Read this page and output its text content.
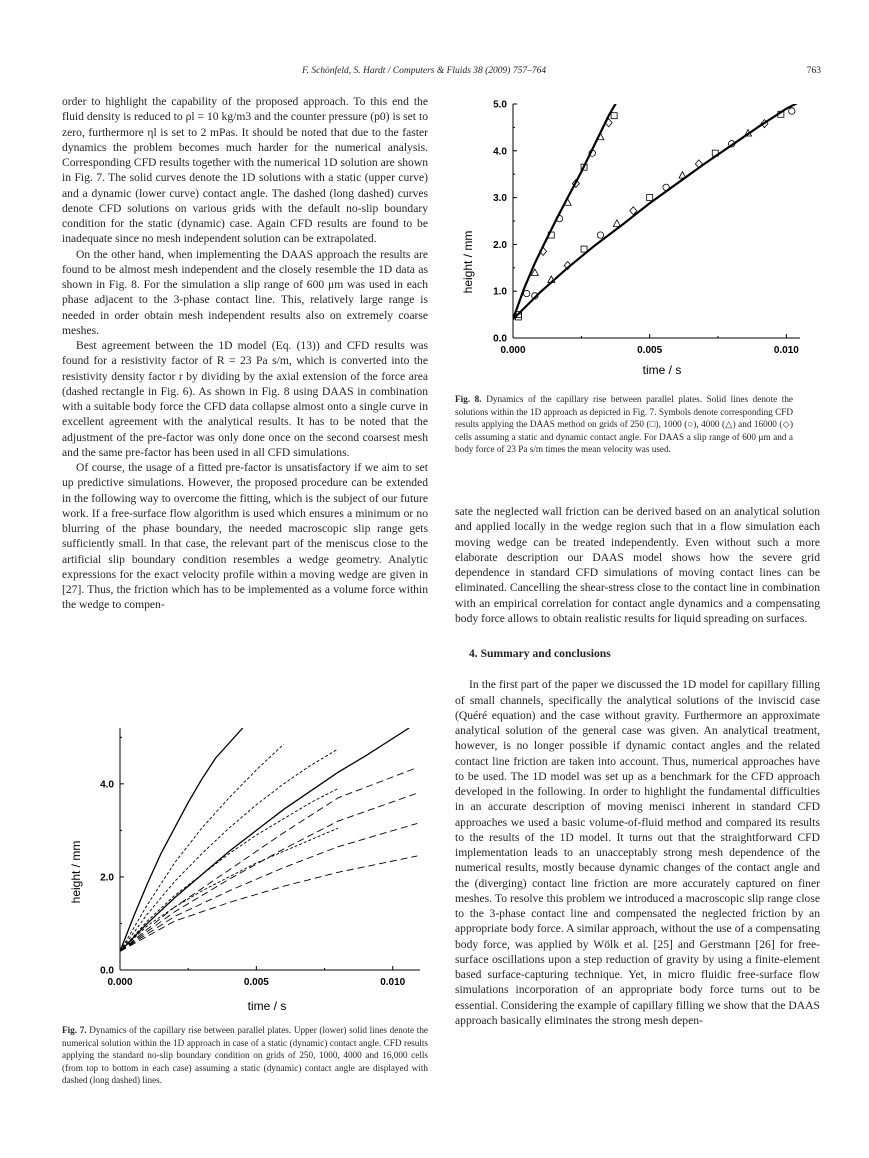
F. Schönfeld, S. Hardt / Computers & Fluids 38 (2009) 757–764	763

order to highlight the capability of the proposed approach. To this end the fluid density is reduced to ρl = 10 kg/m3 and the counter pressure (p0) is set to zero, furthermore ηl is set to 2 mPas. It should be noted that due to the faster dynamics the problem becomes much harder for the numerical analysis. Corresponding CFD results together with the numerical 1D solution are shown in Fig. 7. The solid curves denote the 1D solutions with a static (upper curve) and a dynamic (lower curve) contact angle. The dashed (long dashed) curves denote CFD solutions on various grids with the default no-slip boundary condition for the static (dynamic) case. Again CFD results are found to be inadequate since no mesh independent solution can be extrapolated.

On the other hand, when implementing the DAAS approach the results are found to be almost mesh independent and the closely resemble the 1D data as shown in Fig. 8. For the simulation a slip range of 600 μm was used in each phase adjacent to the 3-phase contact line. This, relatively large range is needed in order obtain mesh independent results also on extremely coarse meshes.

Best agreement between the 1D model (Eq. (13)) and CFD results was found for a resistivity factor of R = 23 Pa s/m, which is converted into the resistivity density factor r by dividing by the axial extension of the force area (dashed rectangle in Fig. 6). As shown in Fig. 8 using DAAS in combination with a suitable body force the CFD data collapse almost onto a single curve in excellent agreement with the analytical results. It has to be noted that the adjustment of the pre-factor was only done once on the second coarsest mesh and the same pre-factor has been used in all CFD simulations.

Of course, the usage of a fitted pre-factor is unsatisfactory if we aim to set up predictive simulations. However, the proposed procedure can be extended in the following way to overcome the fitting, which is the subject of our future work. If a free-surface flow algorithm is used which ensures a minimum or no blurring of the phase boundary, the needed macroscopic slip range gets sufficiently small. In that case, the relevant part of the meniscus close to the artificial slip boundary condition resembles a wedge geometry. Analytic expressions for the exact velocity profile within a moving wedge are given in [27]. Thus, the friction which has to be implemented as a volume force within the wedge to compen-

0.000	0.005	0.010
0.0
1.0
2.0
3.0
4.0
5.0
time / s
height / mm
Fig. 8. Dynamics of the capillary rise between parallel plates. Solid lines denote the solutions within the 1D approach as depicted in Fig. 7. Symbols denote corresponding CFD results applying the DAAS method on grids of 250 (□), 1000 (○), 4000 (△) and 16000 (◇) cells assuming a static and dynamic contact angle. For DAAS a slip range of 600 μm and a body force of 23 Pa s/m times the mean velocity was used.

sate the neglected wall friction can be derived based on an analytical solution and applied locally in the wedge region such that in a flow simulation each moving wedge can be treated independently. Even without such a more elaborate description our DAAS model shows how the severe grid dependence in standard CFD simulations of moving contact lines can be eliminated. Cancelling the shear-stress close to the contact line in combination with an empirical correlation for contact angle dynamics and a compensating body force allows to obtain realistic results for liquid spreading on surfaces.

4. Summary and conclusions

In the first part of the paper we discussed the 1D model for capillary filling of small channels, specifically the analytical solutions of the inviscid case (Quéré equation) and the case without gravity. Furthermore an approximate analytical solution of the general case was given. An analytical treatment, however, is no longer possible if dynamic contact angles and the related contact line friction are taken into account. Thus, numerical approaches have to be used. The 1D model was set up as a benchmark for the CFD approach developed in the following. In order to highlight the fundamental difficulties in an accurate description of moving menisci inherent in standard CFD approaches we used a basic volume-of-fluid method and compared its results to the results of the 1D model. It turns out that the straightforward CFD implementation leads to an unacceptably strong mesh dependence of the numerical results, mostly because dynamic changes of the contact angle and the (diverging) contact line friction are more accurately captured on finer meshes. To resolve this problem we introduced a macroscopic slip range close to the 3-phase contact line and compensated the neglected friction by an appropriate body force. A similar approach, without the use of a compensating body force, was applied by Wölk et al. [25] and Gerstmann [26] for free-surface oscillations upon a step reduction of gravity by using a finite-element based surface-capturing technique. Yet, in micro fluidic free-surface flow simulations incorporation of an appropriate body force turns out to be essential. Considering the example of capillary filling we show that the DAAS approach basically eliminates the strong mesh depen-

0.000	0.005	0.010
0.0
2.0
4.0
time / s
height / mm
Fig. 7. Dynamics of the capillary rise between parallel plates. Upper (lower) solid lines denote the numerical solution within the 1D approach in case of a static (dynamic) contact angle. CFD results applying the standard no-slip boundary condition on grids of 250, 1000, 4000 and 16,000 cells (from top to bottom in each case) assuming a static (dynamic) contact angle are displayed with dashed (long dashed) lines.
